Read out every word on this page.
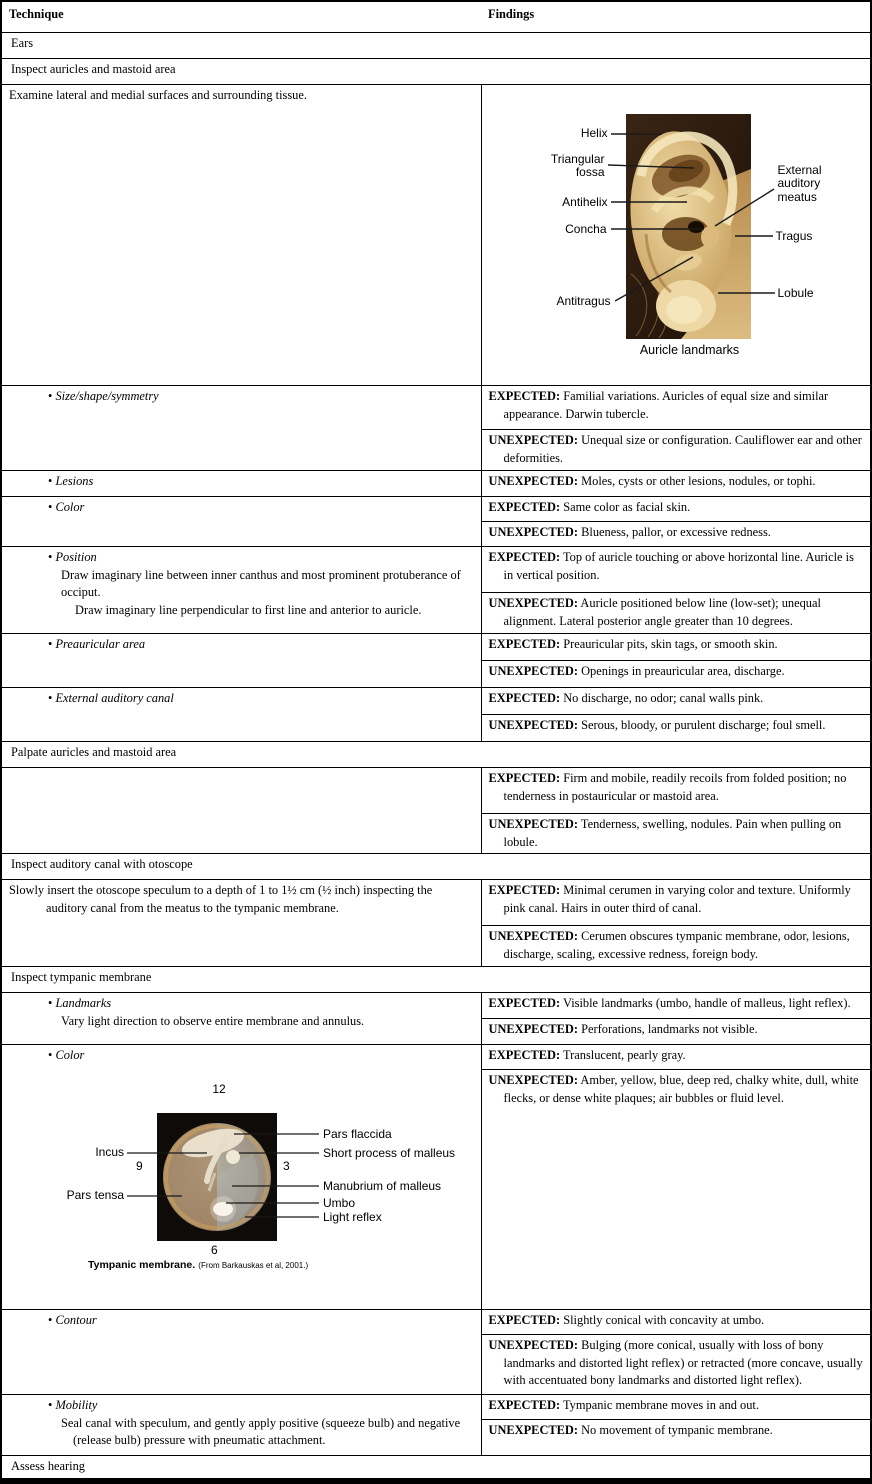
Technique	Findings
Ears	
Inspect auricles and mastoid area	

Examine lateral and medial surfaces and surrounding tissue.

Helix
Triangular fossa
Antihelix
Concha
Antitragus
External auditory meatus
Tragus
Lobule
Auricle landmarks

• Size/shape/symmetry	EXPECTED: Familial variations. Auricles of equal size and similar appearance. Darwin tubercle.

	UNEXPECTED: Unequal size or configuration. Cauliflower ear and other deformities.

• Lesions	UNEXPECTED: Moles, cysts or other lesions, nodules, or tophi.

• Color	EXPECTED: Same color as facial skin.

	UNEXPECTED: Blueness, pallor, or excessive redness.

• Position
Draw imaginary line between inner canthus and most prominent protuberance of occiput.
Draw imaginary line perpendicular to first line and anterior to auricle.	EXPECTED: Top of auricle touching or above horizontal line. Auricle is in vertical position.

	UNEXPECTED: Auricle positioned below line (low-set); unequal alignment. Lateral posterior angle greater than 10 degrees.

• Preauricular area	EXPECTED: Preauricular pits, skin tags, or smooth skin.

	UNEXPECTED: Openings in preauricular area, discharge.

• External auditory canal	EXPECTED: No discharge, no odor; canal walls pink.

	UNEXPECTED: Serous, bloody, or purulent discharge; foul smell.

Palpate auricles and mastoid area	

	EXPECTED: Firm and mobile, readily recoils from folded position; no tenderness in postauricular or mastoid area.

	UNEXPECTED: Tenderness, swelling, nodules. Pain when pulling on lobule.

Inspect auditory canal with otoscope	

Slowly insert the otoscope speculum to a depth of 1 to 1½ cm (½ inch) inspecting the auditory canal from the meatus to the tympanic membrane.	EXPECTED: Minimal cerumen in varying color and texture. Uniformly pink canal. Hairs in outer third of canal.

	UNEXPECTED: Cerumen obscures tympanic membrane, odor, lesions, discharge, scaling, excessive redness, foreign body.

Inspect tympanic membrane	

• Landmarks
Vary light direction to observe entire membrane and annulus.	EXPECTED: Visible landmarks (umbo, handle of malleus, light reflex).

	UNEXPECTED: Perforations, landmarks not visible.

• Color
12
9	3
6
Incus
Pars tensa
Pars flaccida
Short process of malleus
Manubrium of malleus
Umbo
Light reflex
Tympanic membrane. (From Barkauskas et al, 2001.)

EXPECTED: Translucent, pearly gray.

	UNEXPECTED: Amber, yellow, blue, deep red, chalky white, dull, white flecks, or dense white plaques; air bubbles or fluid level.

• Contour	EXPECTED: Slightly conical with concavity at umbo.

	UNEXPECTED: Bulging (more conical, usually with loss of bony landmarks and distorted light reflex) or retracted (more concave, usually with accentuated bony landmarks and distorted light reflex).

• Mobility
Seal canal with speculum, and gently apply positive (squeeze bulb) and negative (release bulb) pressure with pneumatic attachment.	EXPECTED: Tympanic membrane moves in and out.

	UNEXPECTED: No movement of tympanic membrane.

Assess hearing	
